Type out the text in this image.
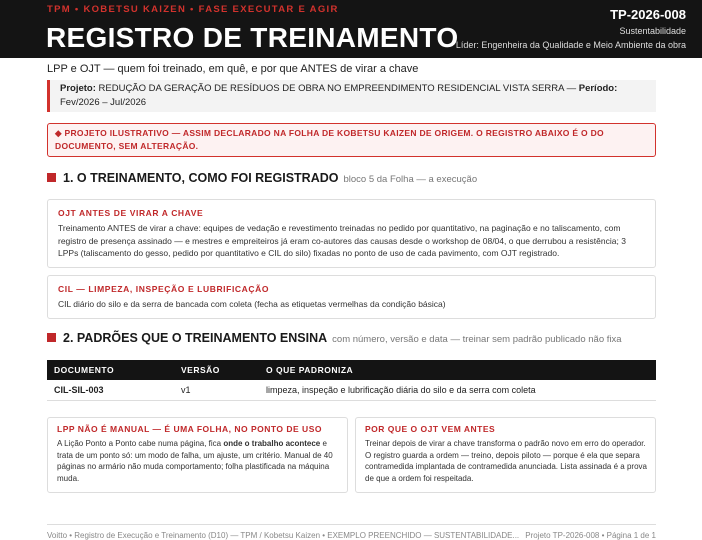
TPM • KOBETSU KAIZEN • FASE EXECUTAR E AGIR
REGISTRO DE TREINAMENTO
TP-2026-008
Sustentabilidade
Líder: Engenheira da Qualidade e Meio Ambiente da obra
LPP e OJT — quem foi treinado, em quê, e por que ANTES de virar a chave
Projeto: REDUÇÃO DA GERAÇÃO DE RESÍDUOS DE OBRA NO EMPREENDIMENTO RESIDENCIAL VISTA SERRA — Período:
Fev/2026 – Jul/2026
◆ PROJETO ILUSTRATIVO — ASSIM DECLARADO NA FOLHA DE KOBETSU KAIZEN DE ORIGEM. O REGISTRO ABAIXO É O DO DOCUMENTO, SEM ALTERAÇÃO.
1. O TREINAMENTO, COMO FOI REGISTRADO bloco 5 da Folha — a execução
OJT ANTES DE VIRAR A CHAVE
Treinamento ANTES de virar a chave: equipes de vedação e revestimento treinadas no pedido por quantitativo, na paginação e no taliscamento, com registro de presença assinado — e mestres e empreiteiros já eram co-autores das causas desde o workshop de 08/04, o que derrubou a resistência; 3 LPPs (taliscamento do gesso, pedido por quantitativo e CIL do silo) fixadas no ponto de uso de cada pavimento, com OJT registrado.
CIL — LIMPEZA, INSPEÇÃO E LUBRIFICAÇÃO
CIL diário do silo e da serra de bancada com coleta (fecha as etiquetas vermelhas da condição básica)
2. PADRÕES QUE O TREINAMENTO ENSINA com número, versão e data — treinar sem padrão publicado não fixa
DOCUMENTO	VERSÃO	O QUE PADRONIZA
CIL-SIL-003	v1	limpeza, inspeção e lubrificação diária do silo e da serra com coleta
LPP NÃO É MANUAL — É UMA FOLHA, NO PONTO DE USO
A Lição Ponto a Ponto cabe numa página, fica onde o trabalho acontece e trata de um ponto só: um modo de falha, um ajuste, um critério. Manual de 40 páginas no armário não muda comportamento; folha plastificada na máquina muda.
POR QUE O OJT VEM ANTES
Treinar depois de virar a chave transforma o padrão novo em erro do operador. O registro guarda a ordem — treino, depois piloto — porque é ela que separa contramedida implantada de contramedida anunciada. Lista assinada é a prova de que a ordem foi respeitada.
Voitto • Registro de Execução e Treinamento (D10) — TPM / Kobetsu Kaizen • EXEMPLO PREENCHIDO — SUSTENTABILIDADE... Projeto TP-2026-008 • Página 1 de 1
